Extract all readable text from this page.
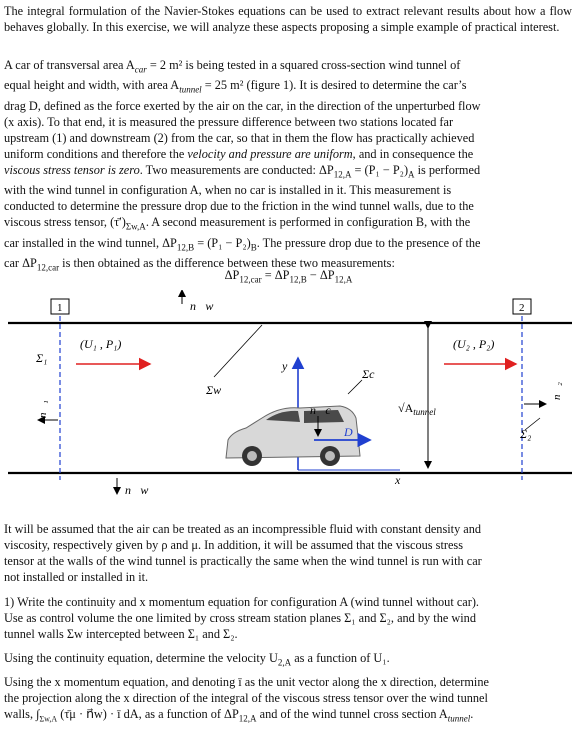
The integral formulation of the Navier-Stokes equations can be used to extract relevant results about how a flow behaves globally. In this exercise, we will analyze these aspects proposing a simple example of practical interest.

A car of transversal area $A_{car} = 2$ m² is being tested in a squared cross-section wind tunnel of
equal height and width, with area $A_{tunnel} = 25$ m² (figure 1). It is desired to determine the car’s
drag D, defined as the force exerted by the air on the car, in the direction of the unperturbed flow
(x axis). To that end, it is measured the pressure difference between two stations located far
upstream (1) and downstream (2) from the car, so that in them the flow has practically achieved
uniform conditions and therefore the velocity and pressure are uniform, and in consequence the
viscous stress tensor is zero. Two measurements are conducted: $\Delta P_{12,A} = (P_1 - P_2)_A$ is performed
with the wind tunnel in configuration A, when no car is installed in it. This measurement is
conducted to determine the pressure drop due to the friction in the wind tunnel walls, due to the
viscous stress tensor, $(\taū')_{\Sigma w,A}$. A second measurement is performed in configuration B, with the
car installed in the wind tunnel, $\Delta P_{12,B} = (P_1 - P_2)_B$. The pressure drop due to the presence of the
car $\Delta P_{12,car}$ is then obtained as the difference between these two measurements:
$\Delta P_{12,car} = \Delta P_{12,B} - \Delta P_{12,A}$
1	2
n⃗w
n⃗w
(U₁ , P₁)	(U₂ , P₂)
Σ₁
Σ₂
n⃗₁
n⃗₂
Σw
Σc
y
x
n⃗c
D
$√A_{tunnel}$
It will be assumed that the air can be treated as an incompressible fluid with constant density and
viscosity, respectively given by ρ and μ. In addition, it will be assumed that the viscous stress
tensor at the walls of the wind tunnel is practically the same when the wind tunnel is run with car
not installed or installed in it.
1) Write the continuity and x momentum equation for configuration A (wind tunnel without car).
Use as control volume the one limited by cross stream station planes Σ₁ and Σ₂, and by the wind
tunnel walls Σw intercepted between Σ₁ and Σ₂.
Using the continuity equation, determine the velocity $U_{2,A}$ as a function of U₁.
Using the x momentum equation, and denoting ī as the unit vector along the x direction, determine
the projection along the x direction of the integral of the viscous stress tensor over the wind tunnel
walls, $\int_{\Sigma w,A}$ (τ̄μ · n⃗w) · ī dA, as a function of $\Delta P_{12,A}$ and of the wind tunnel cross section $A_{tunnel}$.
